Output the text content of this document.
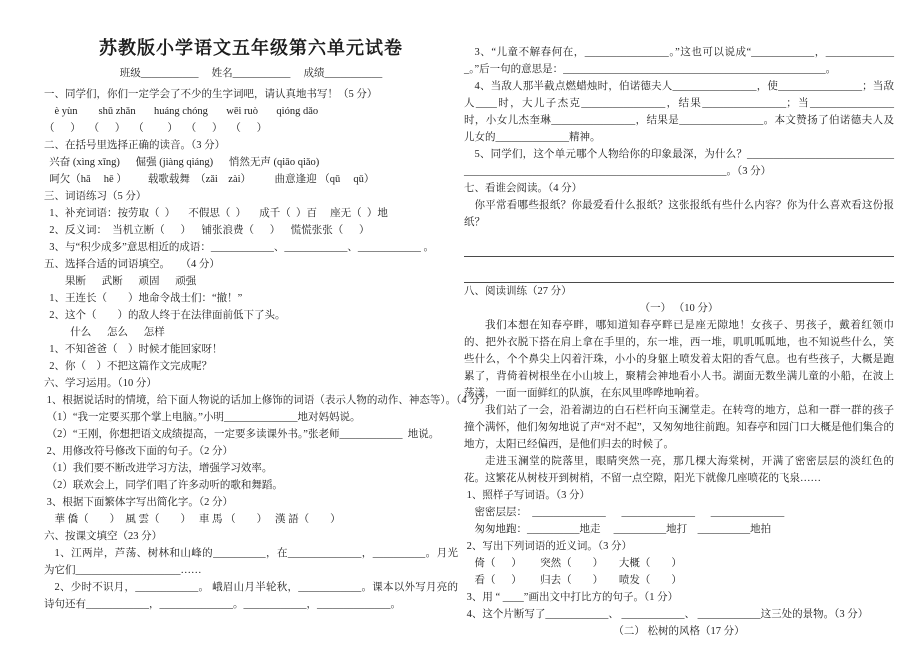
苏教版小学语文五年级第六单元试卷
班级___________　 姓名___________ 　成绩___________
一、同学们，你们一定学会了不少的生字词吧，请认真地书写！（5 分）
è yùn        shū zhǎn       huáng chóng       wēi ruò       qióng dǎo
（      ）   （      ）   （         ）   （      ）   （      ）
二、在括号里选择正确的读音。（3 分）
兴奋 (xìng xīng)      倔强 (jiàng qiáng)      悄然无声 (qiāo qiǎo)
呵欠（hā     hē ）        载歌载舞  （zǎi    zài）         曲意逢迎 （qū     qǔ）
三、词语练习（5 分）
1、补充词语：按劳取（  ）     不假思（  ）     成千（  ）百     座无（  ）地
2、反义词：  当机立断（      ）    铺张浪费（      ）    慌慌张张（      ）
3、与“积少成多”意思相近的成语：____________、____________、____________ 。
五、选择合适的词语填空。    （4 分）
果断      武断      顽固      顽强
1、王连长（        ）地命令战士们：“撤！”
2、这个（        ）的敌人终于在法律面前低下了头。
什么      怎么      怎样
1、不知爸爸（    ）时候才能回家呀！
2、你（    ）不把这篇作文完成呢？
六、学习运用。（10 分）
1、根据说话时的情境，给下面人物说的话加上修饰的词语（表示人物的动作、神态等）。（4 分）
（1）“我一定要买那个掌上电脑。”小明______________地对妈妈说。
（2）“王刚，你想把语文成绩提高，一定要多读课外书。”张老师____________  地说。
2、用修改符号修改下面的句子。（2 分）
（1）我们要不断改进学习方法，增强学习效率。
（2）联欢会上，同学们唱了许多动听的歌和舞蹈。
3、根据下面繁体字写出简化字。（2 分）
華 僑（        ）  風 雲（        ）   車 馬 （        ）   漢 語（        ）
六、按课文填空（23 分）
1、江两岸，芦荡、树林和山峰的__________，在______________，__________。月光为它们____________________……
2、少时不识月，____________。 峨眉山月半轮秋，____________。课本以外写月亮的诗句还有____________，______________。____________，______________。
3、“儿童不解春何在，________________。”这也可以说成“____________，______________。”后一句的意思是：__________________________________________________。
4、当敌人那半截点燃蜡烛时，伯诺德夫人________________，使________________；当敌人____时，大儿子杰克________________，结果________________；当________________时，小女儿杰奎琳________________，结果是________________。本文赞扬了伯诺德夫人及儿女的______________精神。
5、同学们，这个单元哪个人物给你的印象最深，为什么？______________________________________________________________________________。（3 分）
七、看谁会阅读。（4 分）
你平常看哪些报纸？你最爱看什么报纸？这张报纸有些什么内容？你为什么喜欢看这份报纸？
八、阅读训练（27 分）
（一） （10 分）
我们本想在知春亭畔，哪知道知春亭畔已是座无隙地！女孩子、男孩子，戴着红领巾的、把外衣脱下搭在肩上拿在手里的，东一堆，西一堆，叽叽呱呱地，也不知说些什么，笑些什么，个个鼻尖上闪着汗珠，小小的身躯上喷发着太阳的香气息。也有些孩子，大概是跑累了，背倚着树根坐在小山坡上，聚精会神地看小人书。湖面无数坐满儿童的小船，在波上荡漾，一面一面鲜红的队旗，在东风里哗哗地响着。
我们站了一会，沿着湖边的白石栏杆向玉澜堂走。在转弯的地方，总和一群一群的孩子撞个满怀，他们匆匆地说了声“对不起”，又匆匆地往前跑。知春亭和园门口大概是他们集合的地方，太阳已经偏西，是他们归去的时候了。
走进玉澜堂的院落里，眼睛突然一亮，那几棵大海棠树，开满了密密层层的淡红色的花。这繁花从树枝开到树梢，不留一点空隙，阳光下就像几座喷花的飞泉……
1、照样子写词语。（3 分）
密密层层：  ______________      ______________      ______________
匆匆地跑：__________地走     __________地打    __________地拍
2、写出下列词语的近义词。（3 分）
倚（      ）       突然（        ）      大概（        ）
看（      ）       归去（        ）      喷发（        ）
3、用 “ ____”画出文中打比方的句子。（1 分）
4、这个片断写了____________、 ____________、 ____________这三处的景物。（3 分）
（二） 松树的风格（17 分）
